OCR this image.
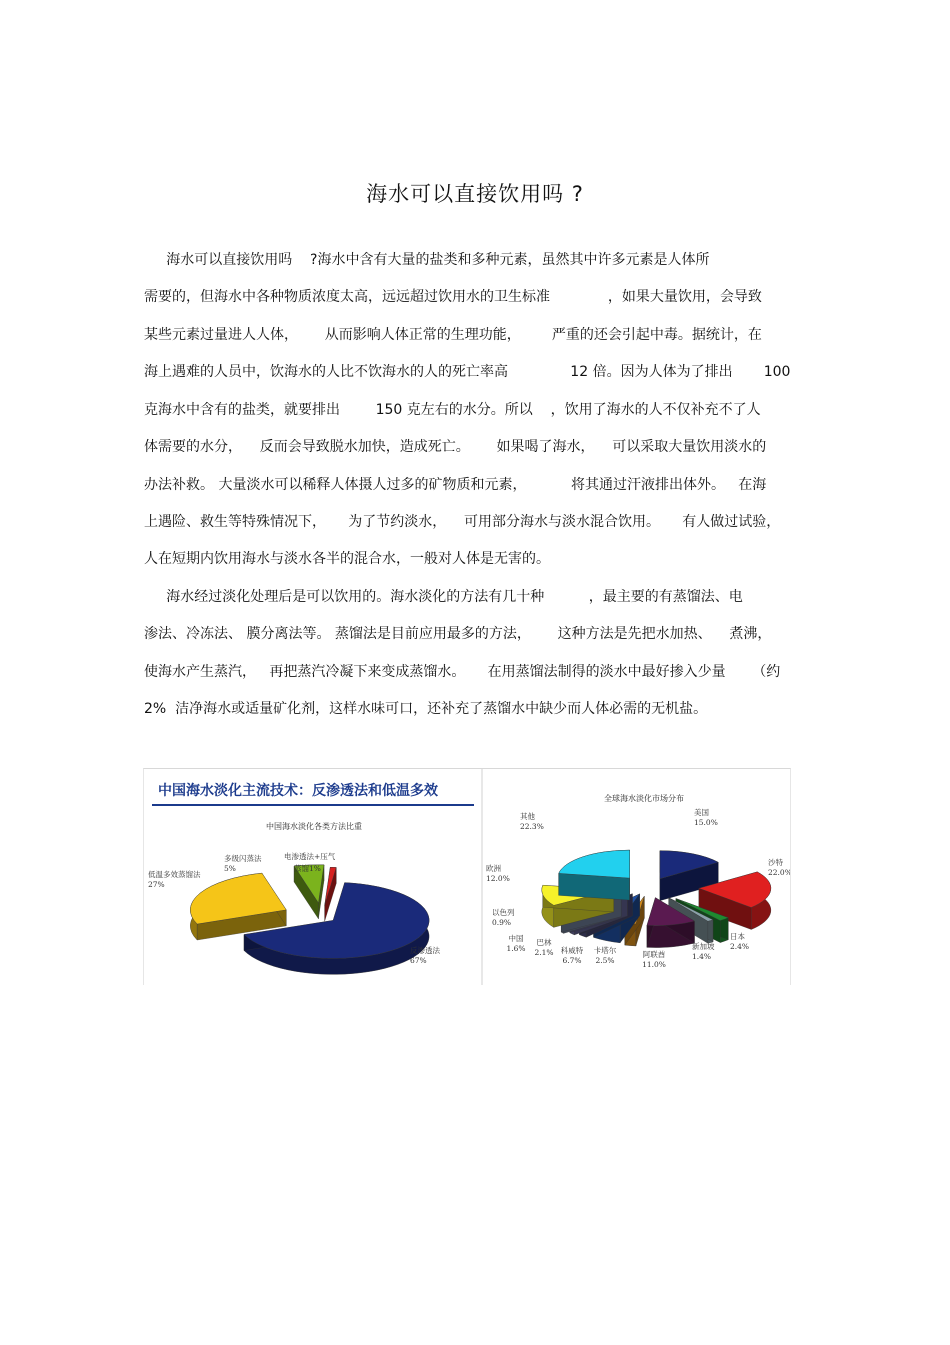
海水可以直接饮用吗 ?
海水可以直接饮用吗    ?海水中含有大量的盐类和多种元素，虽然其中许多元素是人体所
需要的，但海水中各种物质浓度太高，远远超过饮用水的卫生标准             ，如果大量饮用，会导致
某些元素过量进人人体，      从而影响人体正常的生理功能，       严重的还会引起中毒。据统计，在
海上遇难的人员中，饮海水的人比不饮海水的人的死亡率高              12 倍。因为人体为了排出       100
克海水中含有的盐类，就要排出        150 克左右的水分。所以    ，饮用了海水的人不仅补充不了人
体需要的水分，    反而会导致脱水加快，造成死亡。      如果喝了海水，    可以采取大量饮用淡水的
办法补救。 大量淡水可以稀释人体摄人过多的矿物质和元素，          将其通过汗液排出体外。   在海
上遇险、救生等特殊情况下，     为了节约淡水，    可用部分海水与淡水混合饮用。     有人做过试验，
人在短期内饮用海水与淡水各半的混合水，一般对人体是无害的。
海水经过淡化处理后是可以饮用的。海水淡化的方法有几十种          ，最主要的有蒸馏法、电
渗法、冷冻法、 膜分离法等。 蒸馏法是目前应用最多的方法，      这种方法是先把水加热、    煮沸，
使海水产生蒸汽，   再把蒸汽冷凝下来变成蒸馏水。     在用蒸馏法制得的淡水中最好掺入少量      （约
2%  洁净海水或适量矿化剂，这样水味可口，还补充了蒸馏水中缺少而人体必需的无机盐。
中国海水淡化主流技术：反渗透法和低温多效
中国海水淡化各类方法比重
全球海水淡化市场分布
反渗透法
67%
低温多效蒸馏法
27%
多级闪蒸法
5%
电渗透法+压气
蒸馏1%
美国
15.0%
沙特
22.0%
日本
2.4%
新加坡
1.4%
阿联酋
11.0%
卡塔尔
2.5%
科威特
6.7%
巴林
2.1%
中国
1.6%
以色列
0.9%
欧洲
12.0%
其他
22.3%
